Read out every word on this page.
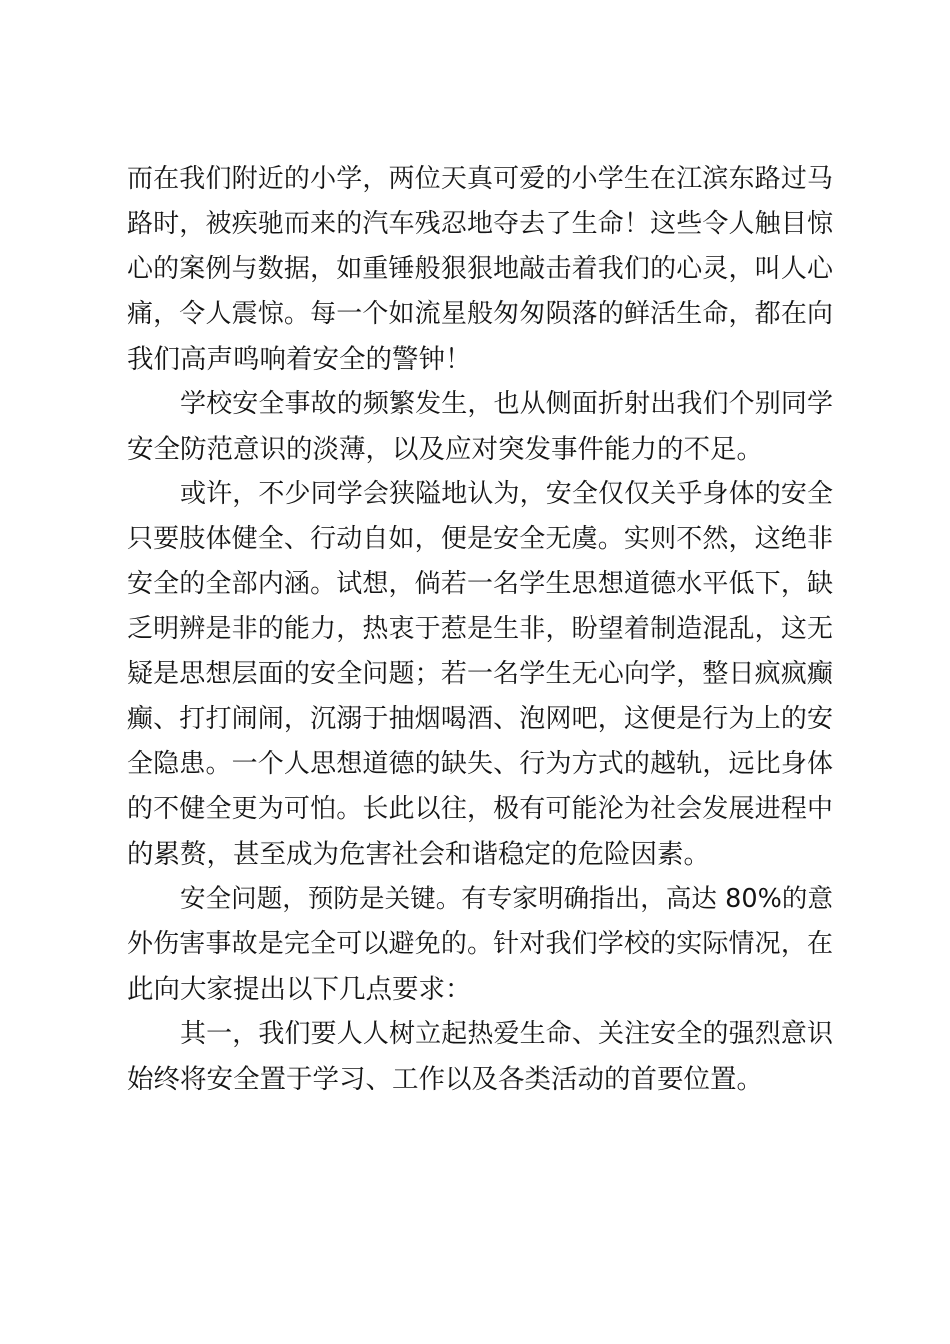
而在我们附近的小学，两位天真可爱的小学生在江滨东路过马
路时，被疾驰而来的汽车残忍地夺去了生命！这些令人触目惊
心的案例与数据，如重锤般狠狠地敲击着我们的心灵，叫人心
痛，令人震惊。每一个如流星般匆匆陨落的鲜活生命，都在向
我们高声鸣响着安全的警钟！
学校安全事故的频繁发生，也从侧面折射出我们个别同学
安全防范意识的淡薄，以及应对突发事件能力的不足。
或许，不少同学会狭隘地认为，安全仅仅关乎身体的安全
只要肢体健全、行动自如，便是安全无虞。实则不然，这绝非
安全的全部内涵。试想，倘若一名学生思想道德水平低下，缺
乏明辨是非的能力，热衷于惹是生非，盼望着制造混乱，这无
疑是思想层面的安全问题；若一名学生无心向学，整日疯疯癫
癫、打打闹闹，沉溺于抽烟喝酒、泡网吧，这便是行为上的安
全隐患。一个人思想道德的缺失、行为方式的越轨，远比身体
的不健全更为可怕。长此以往，极有可能沦为社会发展进程中
的累赘，甚至成为危害社会和谐稳定的危险因素。
安全问题，预防是关键。有专家明确指出，高达 80%的意
外伤害事故是完全可以避免的。针对我们学校的实际情况，在
此向大家提出以下几点要求：
其一，我们要人人树立起热爱生命、关注安全的强烈意识
始终将安全置于学习、工作以及各类活动的首要位置。
